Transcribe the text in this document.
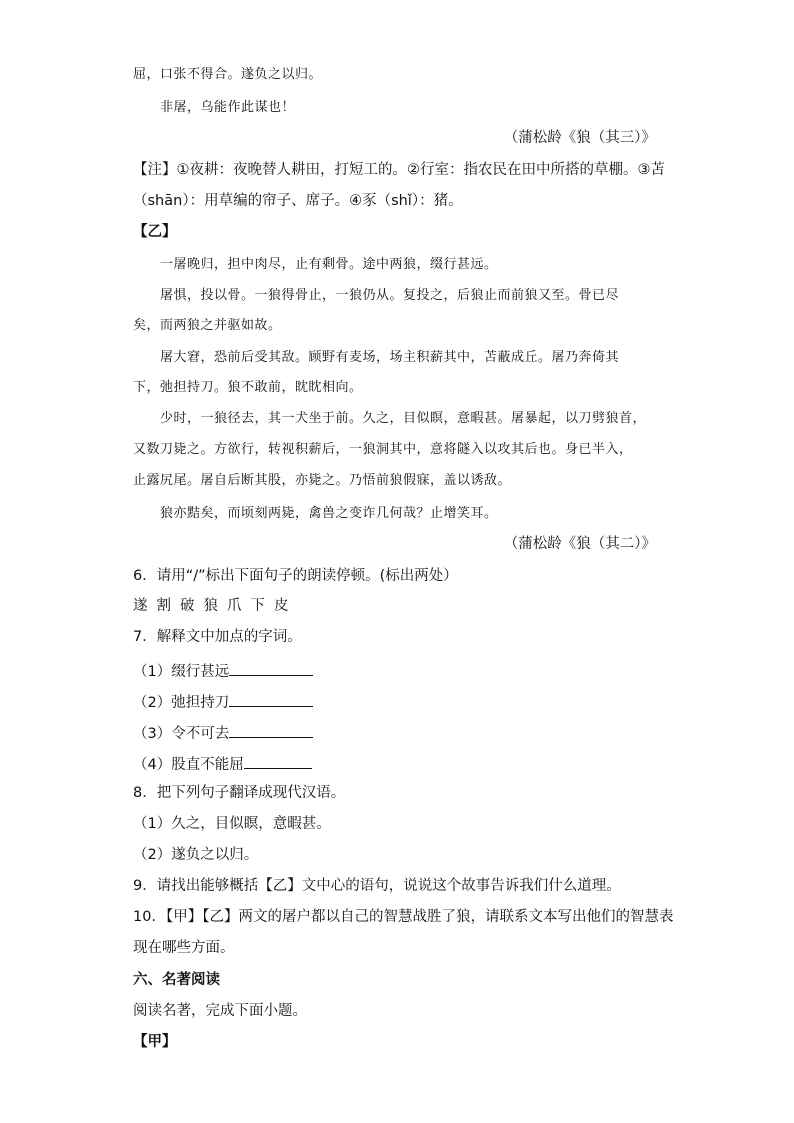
屈，口张不得合。遂负之以归。
非屠，乌能作此谋也！
（蒲松龄《狼（其三）》
【注】①夜耕：夜晚替人耕田，打短工的。②行室：指农民在田中所搭的草棚。③苫
（shān）：用草编的帘子、席子。④豕（shǐ）：猪。
【乙】
一屠晚归，担中肉尽，止有剩骨。途中两狼，缀行甚远。
屠惧，投以骨。一狼得骨止，一狼仍从。复投之，后狼止而前狼又至。骨已尽
矣，而两狼之并驱如故。
屠大窘，恐前后受其敌。顾野有麦场，场主积薪其中，苫蔽成丘。屠乃奔倚其
下，弛担持刀。狼不敢前，眈眈相向。
少时，一狼径去，其一犬坐于前。久之，目似瞑，意暇甚。屠暴起，以刀劈狼首，
又数刀毙之。方欲行，转视积薪后，一狼洞其中，意将隧入以攻其后也。身已半入，
止露尻尾。屠自后断其股，亦毙之。乃悟前狼假寐，盖以诱敌。
狼亦黠矣，而顷刻两毙，禽兽之变诈几何哉？止增笑耳。
（蒲松龄《狼（其二）》
6．请用“/”标出下面句子的朗读停顿。(标出两处）
遂割破狼爪下皮
7．解释文中加点的字词。
（1）缀行甚远
（2）弛担持刀
（3）令不可去
（4）股直不能屈
8．把下列句子翻译成现代汉语。
（1）久之，目似瞑，意暇甚。
（2）遂负之以归。
9．请找出能够概括【乙】文中心的语句，说说这个故事告诉我们什么道理。
10．【甲】【乙】两文的屠户都以自己的智慧战胜了狼，请联系文本写出他们的智慧表
现在哪些方面。
六、名著阅读
阅读名著，完成下面小题。
【甲】
